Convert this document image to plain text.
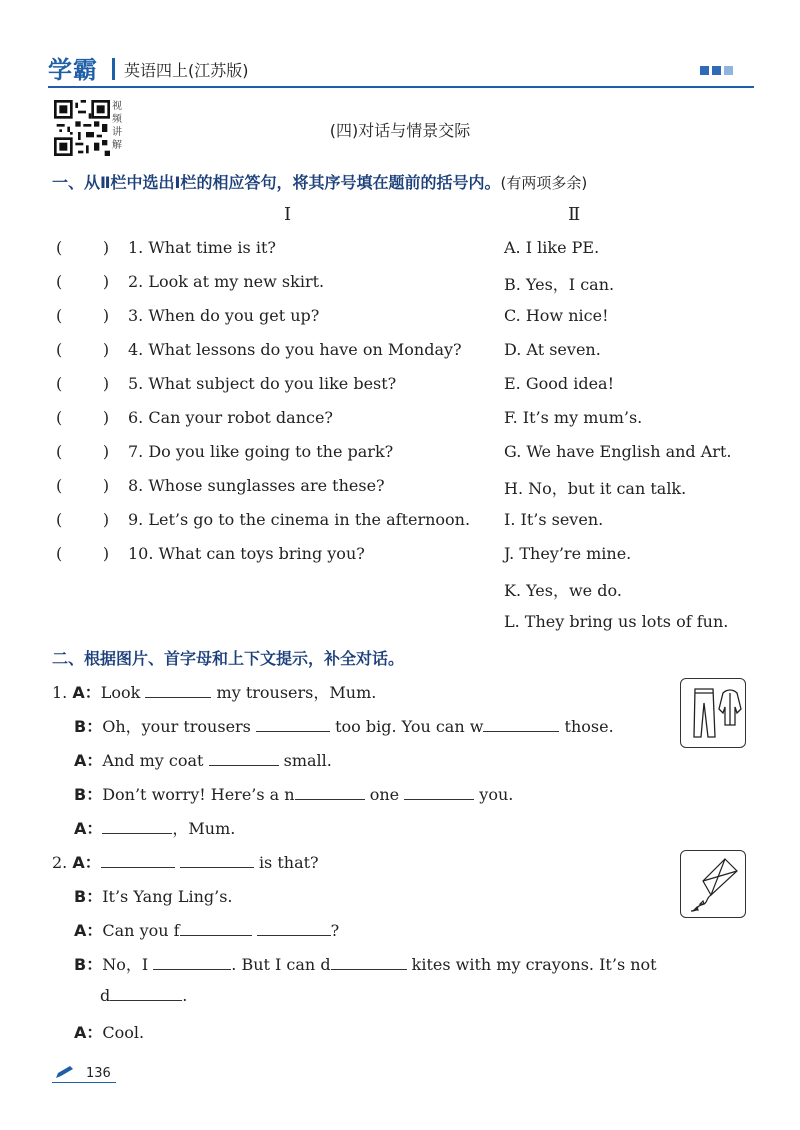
学霸 英语四上(江苏版)
视频讲解
(四)对话与情景交际
一、从Ⅱ栏中选出Ⅰ栏的相应答句，将其序号填在题前的括号内。(有两项多余)
Ⅰ	Ⅱ
(        ) 1. What time is it?
(        ) 2. Look at my new skirt.
(        ) 3. When do you get up?
(        ) 4. What lessons do you have on Monday?
(        ) 5. What subject do you like best?
(        ) 6. Can your robot dance?
(        ) 7. Do you like going to the park?
(        ) 8. Whose sunglasses are these?
(        ) 9. Let’s go to the cinema in the afternoon.
(        ) 10. What can toys bring you?
A. I like PE.
B. Yes，I can.
C. How nice!
D. At seven.
E. Good idea!
F. It’s my mum’s.
G. We have English and Art.
H. No，but it can talk.
I. It’s seven.
J. They’re mine.
K. Yes，we do.
L. They bring us lots of fun.
二、根据图片、首字母和上下文提示，补全对话。
1. A：Look	my trousers，Mum.
B：Oh，your trousers	too big. You can w	those.
A：And my coat	small.
B：Don’t worry! Here’s a n	one	you.
A：	，Mum.
2. A：	is that?
B：It’s Yang Ling’s.
A：Can you f	?
B：No，I	. But I can d	kites with my crayons. It’s not
d	.
A：Cool.
136
